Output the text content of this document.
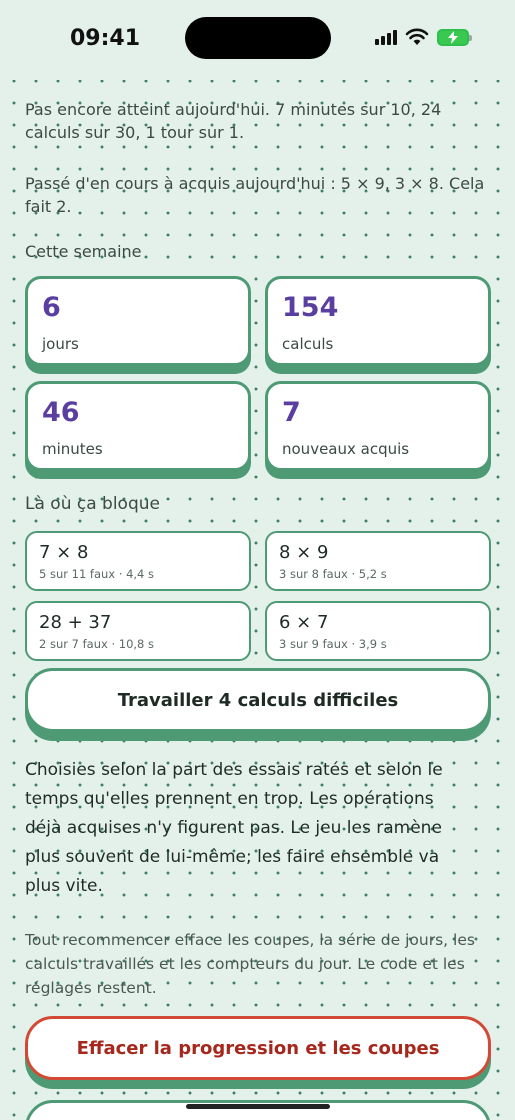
09:41

Pas encore atteint aujourd'hui. 7 minutes sur 10, 24 calculs sur 30, 1 tour sur 1.

Passé d'en cours à acquis aujourd'hui : 5 × 9, 3 × 8. Cela fait 2.

Cette semaine
6
jours
154
calculs
46
minutes
7
nouveaux acquis
Là où ça bloque
7 × 8
5 sur 11 faux · 4,4 s
8 × 9
3 sur 8 faux · 5,2 s
28 + 37
2 sur 7 faux · 10,8 s
6 × 7
3 sur 9 faux · 3,9 s
Travailler 4 calculs difficiles

Choisies selon la part des essais ratés et selon le temps qu'elles prennent en trop. Les opérations déjà acquises n'y figurent pas. Le jeu les ramène plus souvent de lui-même; les faire ensemble va plus vite.

Tout recommencer efface les coupes, la série de jours, les calculs travaillés et les compteurs du jour. Le code et les réglages restent.

Effacer la progression et les coupes
